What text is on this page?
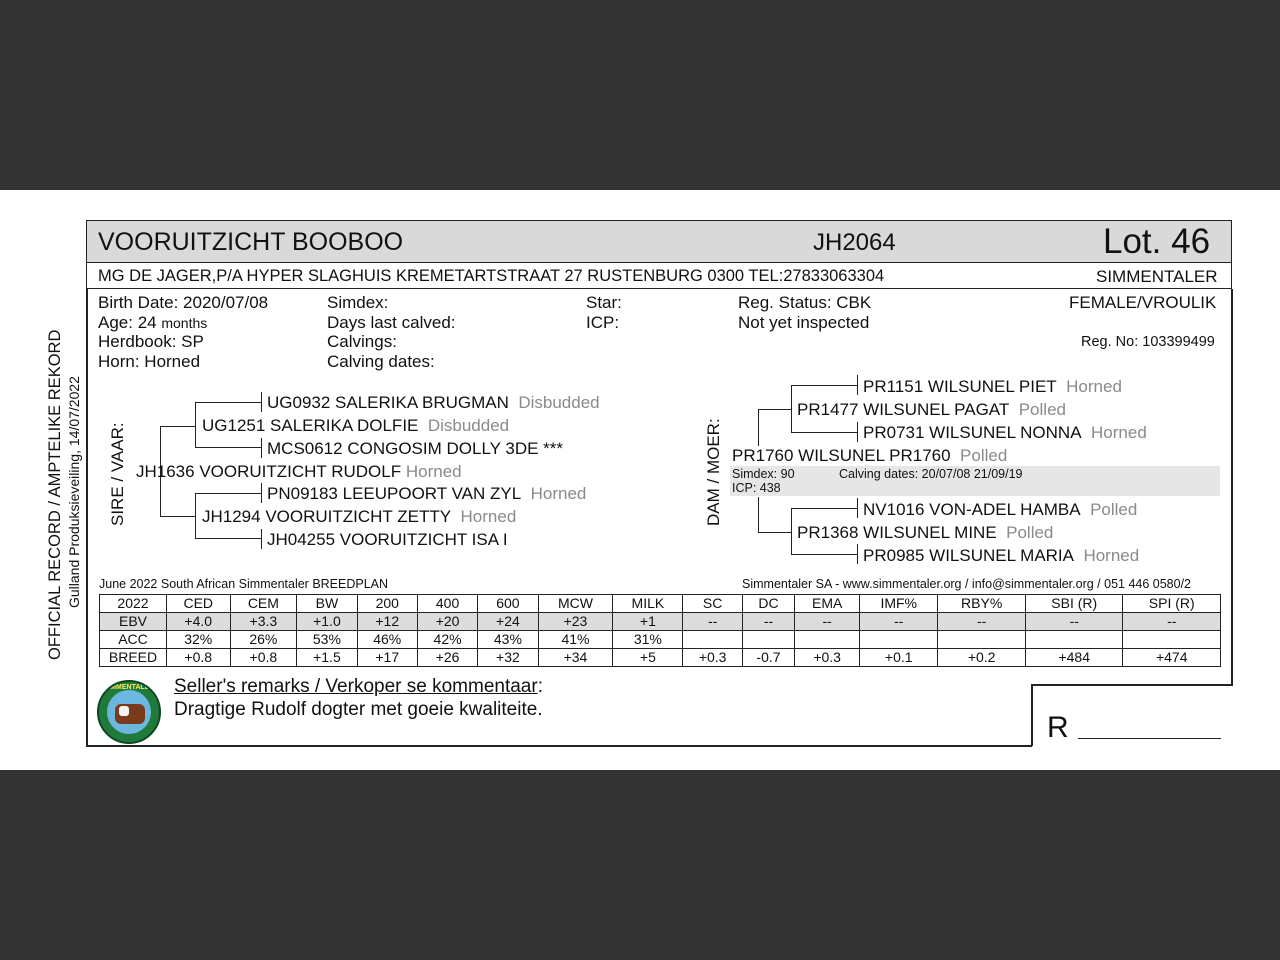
VOORUITZICHT BOOBOO	JH2064	Lot. 46
MG DE JAGER,P/A HYPER SLAGHUIS KREMETARTSTRAAT 27 RUSTENBURG 0300 TEL:27833063304	SIMMENTALER
Birth Date: 2020/07/08
Age: 24 months
Herdbook: SP
Horn: Horned
Simdex:
Days last calved:
Calvings:
Calving dates:
Star:
ICP:
Reg. Status: CBK
Not yet inspected
FEMALE/VROULIK
Reg. No: 103399499
OFFICIAL RECORD / AMPTELIKE REKORD Gulland Produksieveiling, 14/07/2022 SIRE / VAAR:	DAM / MOER:
UG0932 SALERIKA BRUGMAN Disbudded
UG1251 SALERIKA DOLFIE Disbudded
MCS0612 CONGOSIM DOLLY 3DE ***
JH1636 VOORUITZICHT RUDOLF Horned
PN09183 LEEUPOORT VAN ZYL Horned
JH1294 VOORUITZICHT ZETTY Horned
JH04255 VOORUITZICHT ISA I
Simdex: 90	Calving dates: 20/07/08 21/09/19
ICP: 438
PR1151 WILSUNEL PIET Horned
PR1477 WILSUNEL PAGAT Polled
PR0731 WILSUNEL NONNA Horned
PR1760 WILSUNEL PR1760 Polled
NV1016 VON-ADEL HAMBA Polled
PR1368 WILSUNEL MINE Polled
PR0985 WILSUNEL MARIA Horned
June 2022 South African Simmentaler BREEDPLAN	Simmentaler SA - www.simmentaler.org / info@simmentaler.org / 051 446 0580/2
2022	CED	CEM	BW	200	400	600	MCW	MILK	SC	DC	EMA	IMF%	RBY%	SBI (R)	SPI (R)
EBV	+4.0	+3.3	+1.0	+12	+20	+24	+23	+1	--	--	--	--	--	--	--
ACC	32%	26%	53%	46%	42%	43%	41%	31%							
BREED	+0.8	+0.8	+1.5	+17	+26	+32	+34	+5	+0.3	-0.7	+0.3	+0.1	+0.2	+484	+474
SIMMENTALER Seller's remarks / Verkoper se kommentaar:
Dragtige Rudolf dogter met goeie kwaliteite.
R
